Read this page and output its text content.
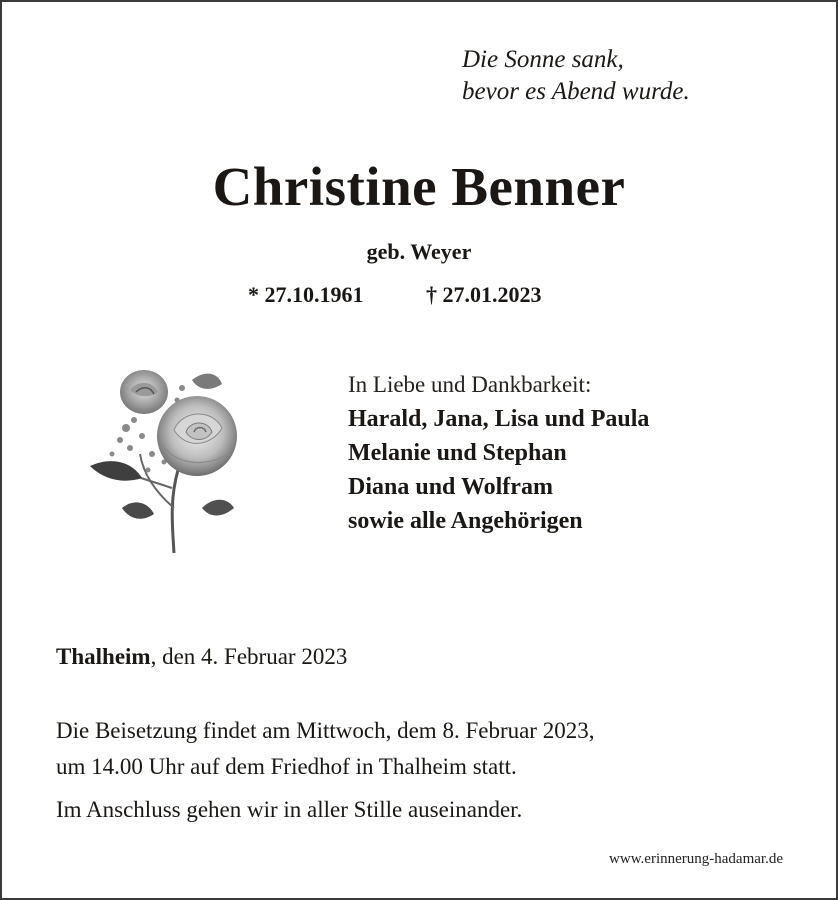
Die Sonne sank,
bevor es Abend wurde.
Christine Benner
geb. Weyer
* 27.10.1961	† 27.01.2023
In Liebe und Dankbarkeit:
Harald, Jana, Lisa und Paula
Melanie und Stephan
Diana und Wolfram
sowie alle Angehörigen
Thalheim, den 4. Februar 2023
Die Beisetzung findet am Mittwoch, dem 8. Februar 2023,
um 14.00 Uhr auf dem Friedhof in Thalheim statt.
Im Anschluss gehen wir in aller Stille auseinander.
www.erinnerung-hadamar.de
